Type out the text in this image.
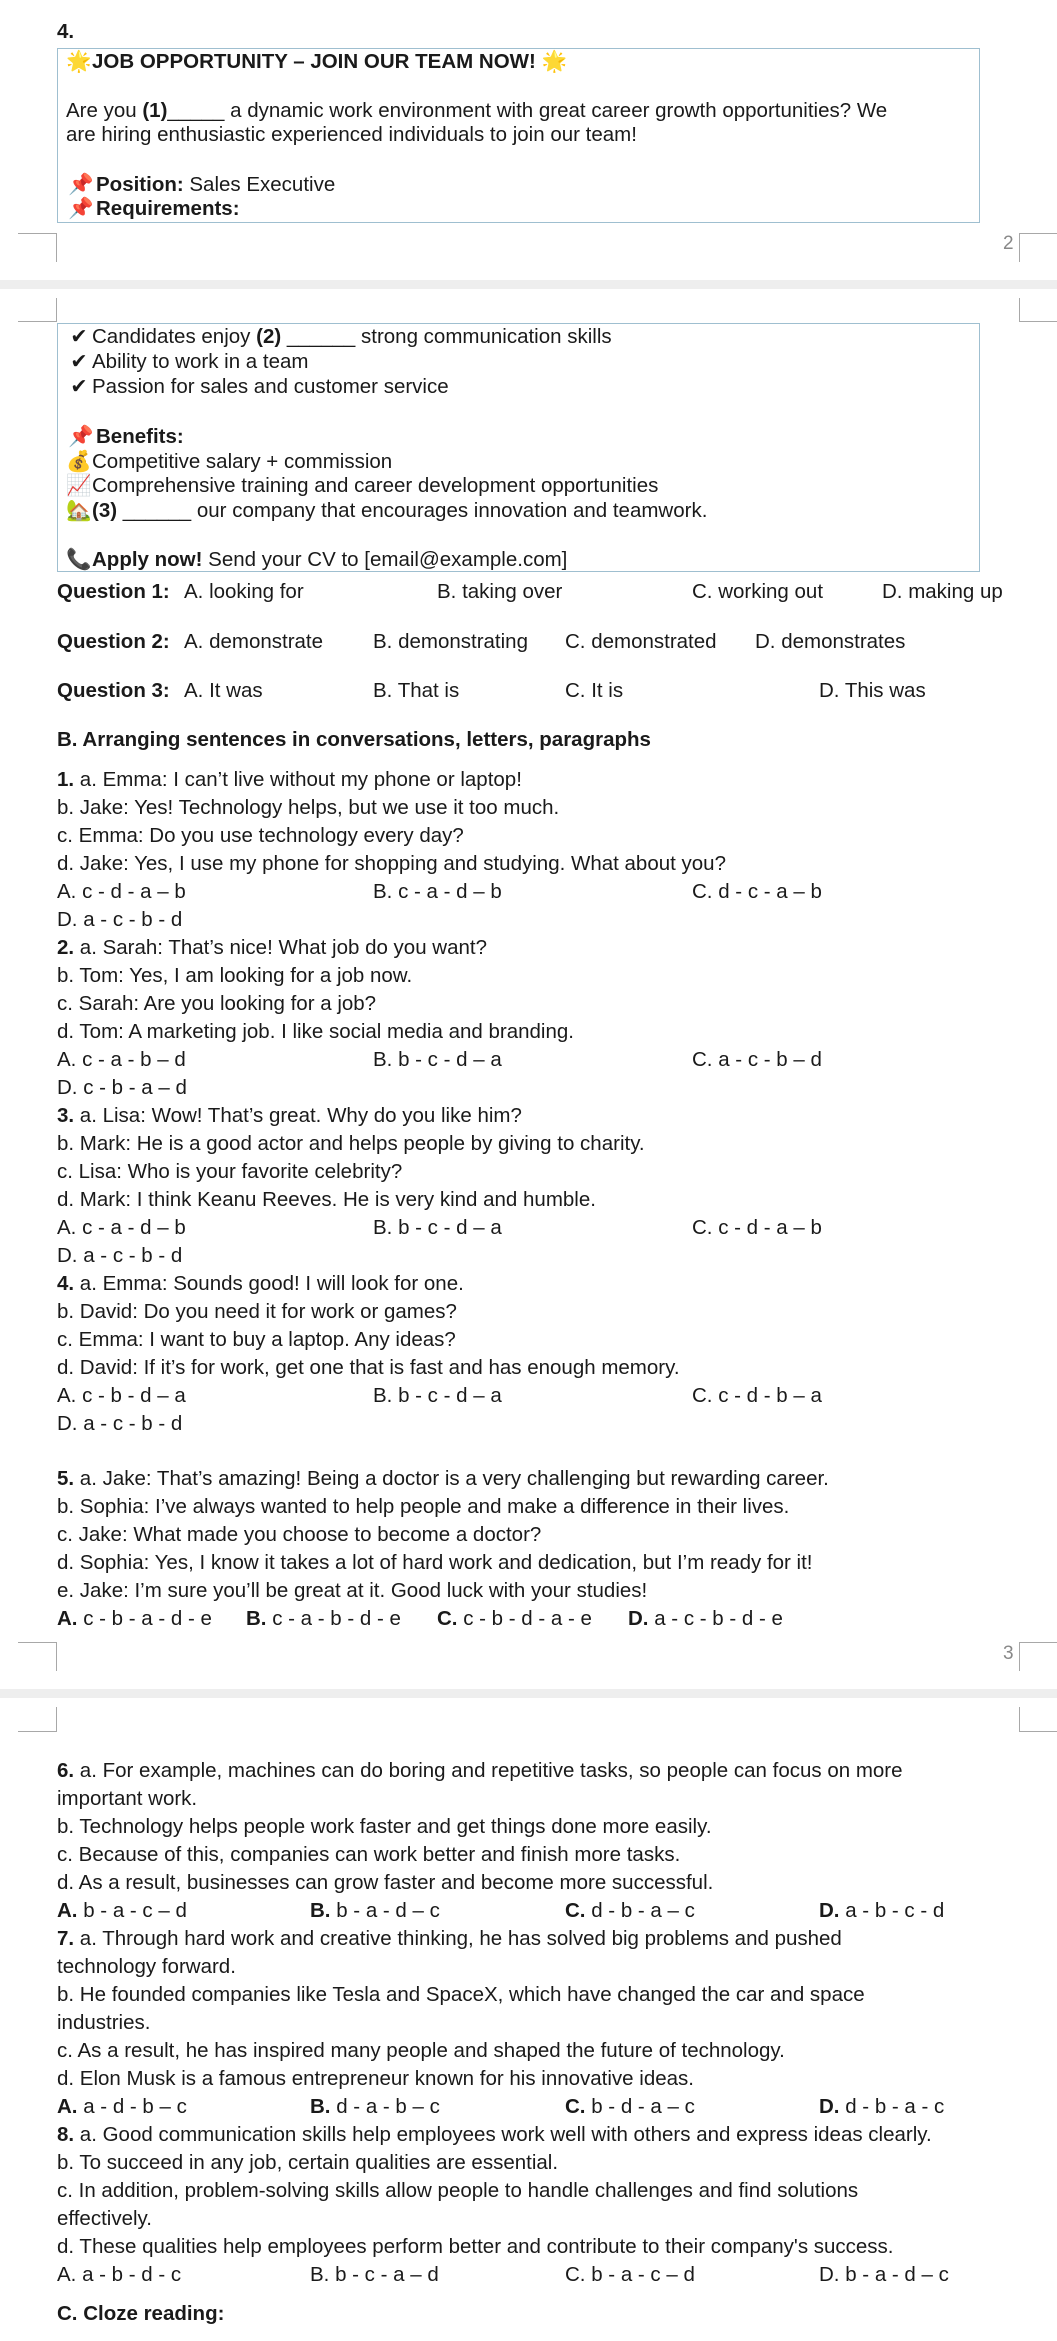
4.
🌟JOB OPPORTUNITY – JOIN OUR TEAM NOW! 🌟
Are you (1)_____ a dynamic work environment with great career growth opportunities? We
are hiring enthusiastic experienced individuals to join our team!
📌 Position: Sales Executive
📌 Requirements:
2
✔ Candidates enjoy (2) ______ strong communication skills
✔ Ability to work in a team
✔ Passion for sales and customer service
📌 Benefits:
💰Competitive salary + commission
📈Comprehensive training and career development opportunities
🏡(3) ______ our company that encourages innovation and teamwork.
📞Apply now! Send your CV to [email@example.com]
Question 1: A. looking for	B. taking over	C. working out	D. making up
Question 2: A. demonstrate B. demonstrating C. demonstrated D. demonstrates
Question 3: A. It was	B. That is	C. It is	D. This was
B. Arranging sentences in conversations, letters, paragraphs
1. a. Emma: I can’t live without my phone or laptop!
b. Jake: Yes! Technology helps, but we use it too much.
c. Emma: Do you use technology every day?
d. Jake: Yes, I use my phone for shopping and studying. What about you?
A. c - d - a – b	B. c - a - d – b	C. d - c - a – b
D. a - c - b - d
2. a. Sarah: That’s nice! What job do you want?
b. Tom: Yes, I am looking for a job now.
c. Sarah: Are you looking for a job?
d. Tom: A marketing job. I like social media and branding.
A. c - a - b – d	B. b - c - d – a	C. a - c - b – d
D. c - b - a – d
3. a. Lisa: Wow! That’s great. Why do you like him?
b. Mark: He is a good actor and helps people by giving to charity.
c. Lisa: Who is your favorite celebrity?
d. Mark: I think Keanu Reeves. He is very kind and humble.
A. c - a - d – b	B. b - c - d – a	C. c - d - a – b
D. a - c - b - d
4. a. Emma: Sounds good! I will look for one.
b. David: Do you need it for work or games?
c. Emma: I want to buy a laptop. Any ideas?
d. David: If it’s for work, get one that is fast and has enough memory.
A. c - b - d – a	B. b - c - d – a	C. c - d - b – a
D. a - c - b - d
5. a. Jake: That’s amazing! Being a doctor is a very challenging but rewarding career.
b. Sophia: I’ve always wanted to help people and make a difference in their lives.
c. Jake: What made you choose to become a doctor?
d. Sophia: Yes, I know it takes a lot of hard work and dedication, but I’m ready for it!
e. Jake: I’m sure you’ll be great at it. Good luck with your studies!
A. c - b - a - d - e B. c - a - b - d - e C. c - b - d - a - e D. a - c - b - d - e
3
6. a. For example, machines can do boring and repetitive tasks, so people can focus on more
important work.
b. Technology helps people work faster and get things done more easily.
c. Because of this, companies can work better and finish more tasks.
d. As a result, businesses can grow faster and become more successful.
A. b - a - c – d	B. b - a - d – c	C. d - b - a – c	D. a - b - c - d
7. a. Through hard work and creative thinking, he has solved big problems and pushed
technology forward.
b. He founded companies like Tesla and SpaceX, which have changed the car and space
industries.
c. As a result, he has inspired many people and shaped the future of technology.
d. Elon Musk is a famous entrepreneur known for his innovative ideas.
A. a - d - b – c	B. d - a - b – c	C. b - d - a – c	D. d - b - a - c
8. a. Good communication skills help employees work well with others and express ideas clearly.
b. To succeed in any job, certain qualities are essential.
c. In addition, problem-solving skills allow people to handle challenges and find solutions
effectively.
d. These qualities help employees perform better and contribute to their company's success.
A. a - b - d - c	B. b - c - a – d	C. b - a - c – d	D. b - a - d – c
C. Cloze reading:
